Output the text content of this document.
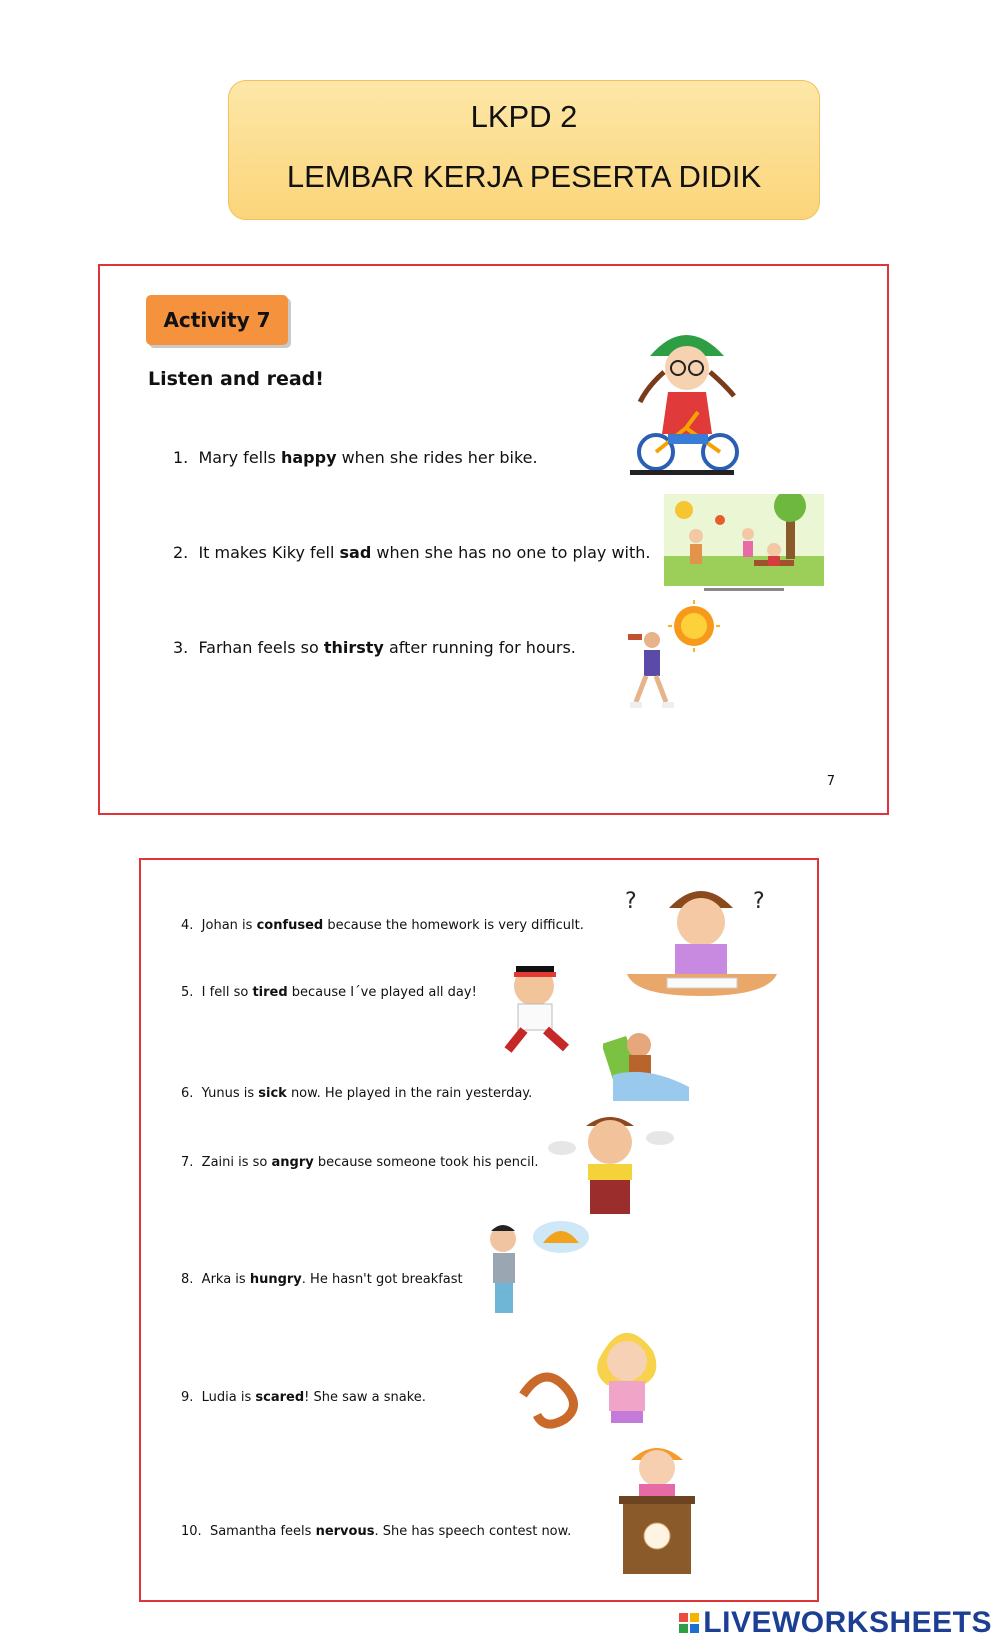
LKPD 2
LEMBAR KERJA PESERTA DIDIK
Activity 7
Listen and read!
1. Mary fells happy when she rides her bike.
2. It makes Kiky fell sad when she has no one to play with.
3. Farhan feels so thirsty after running for hours.
7
4. Johan is confused because the homework is very difficult.
5. I fell so tired because I´ve played all day!
6. Yunus is sick now. He played in the rain yesterday.
7. Zaini is so angry because someone took his pencil.
8. Arka is hungry. He hasn't got breakfast
9. Ludia is scared! She saw a snake.
10. Samantha feels nervous. She has speech contest now.
?	?
LIVEWORKSHEETS
